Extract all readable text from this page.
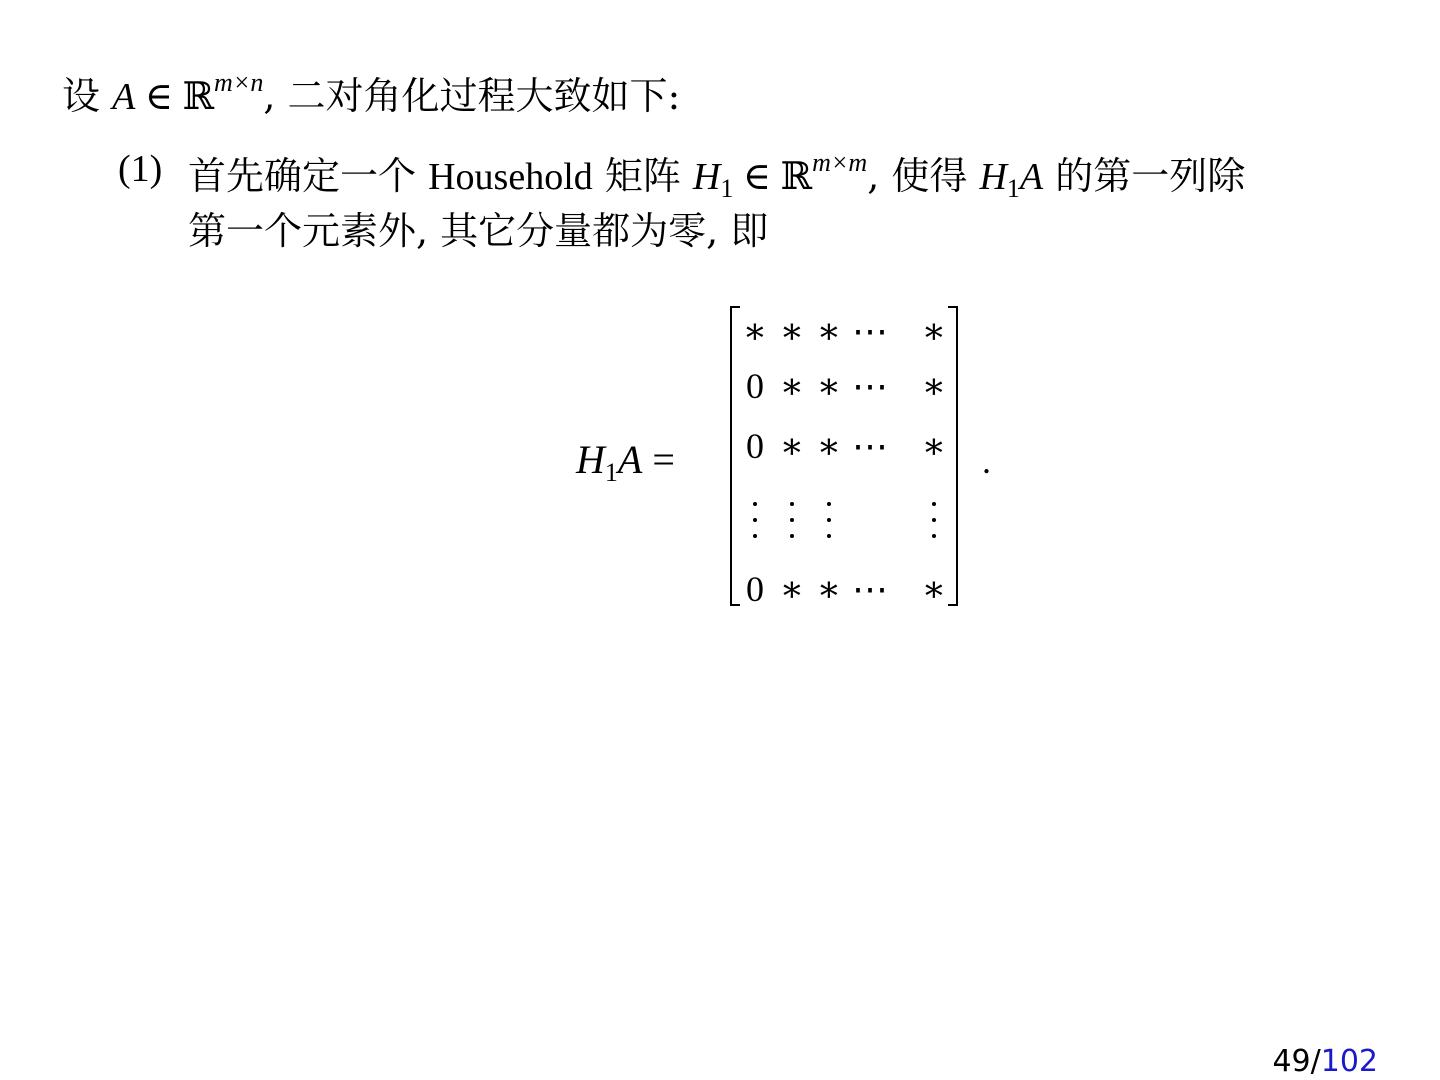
设 A ∈ ℝ$^{m\times n}$, 二对角化过程大致如下:
(1) 首先确定一个 Household 矩阵 $H_1$ ∈ ℝ$^{m\times m}$, 使得 $H_1A$ 的第一列除
第一个元素外, 其它分量都为零, 即
$H_1A$ =
∗ ∗ ∗ ⋯ ∗
0 ∗ ∗ ⋯ ∗
0 ∗ ∗ ⋯ ∗
0 ∗ ∗ ⋯ ∗
.
49/102
